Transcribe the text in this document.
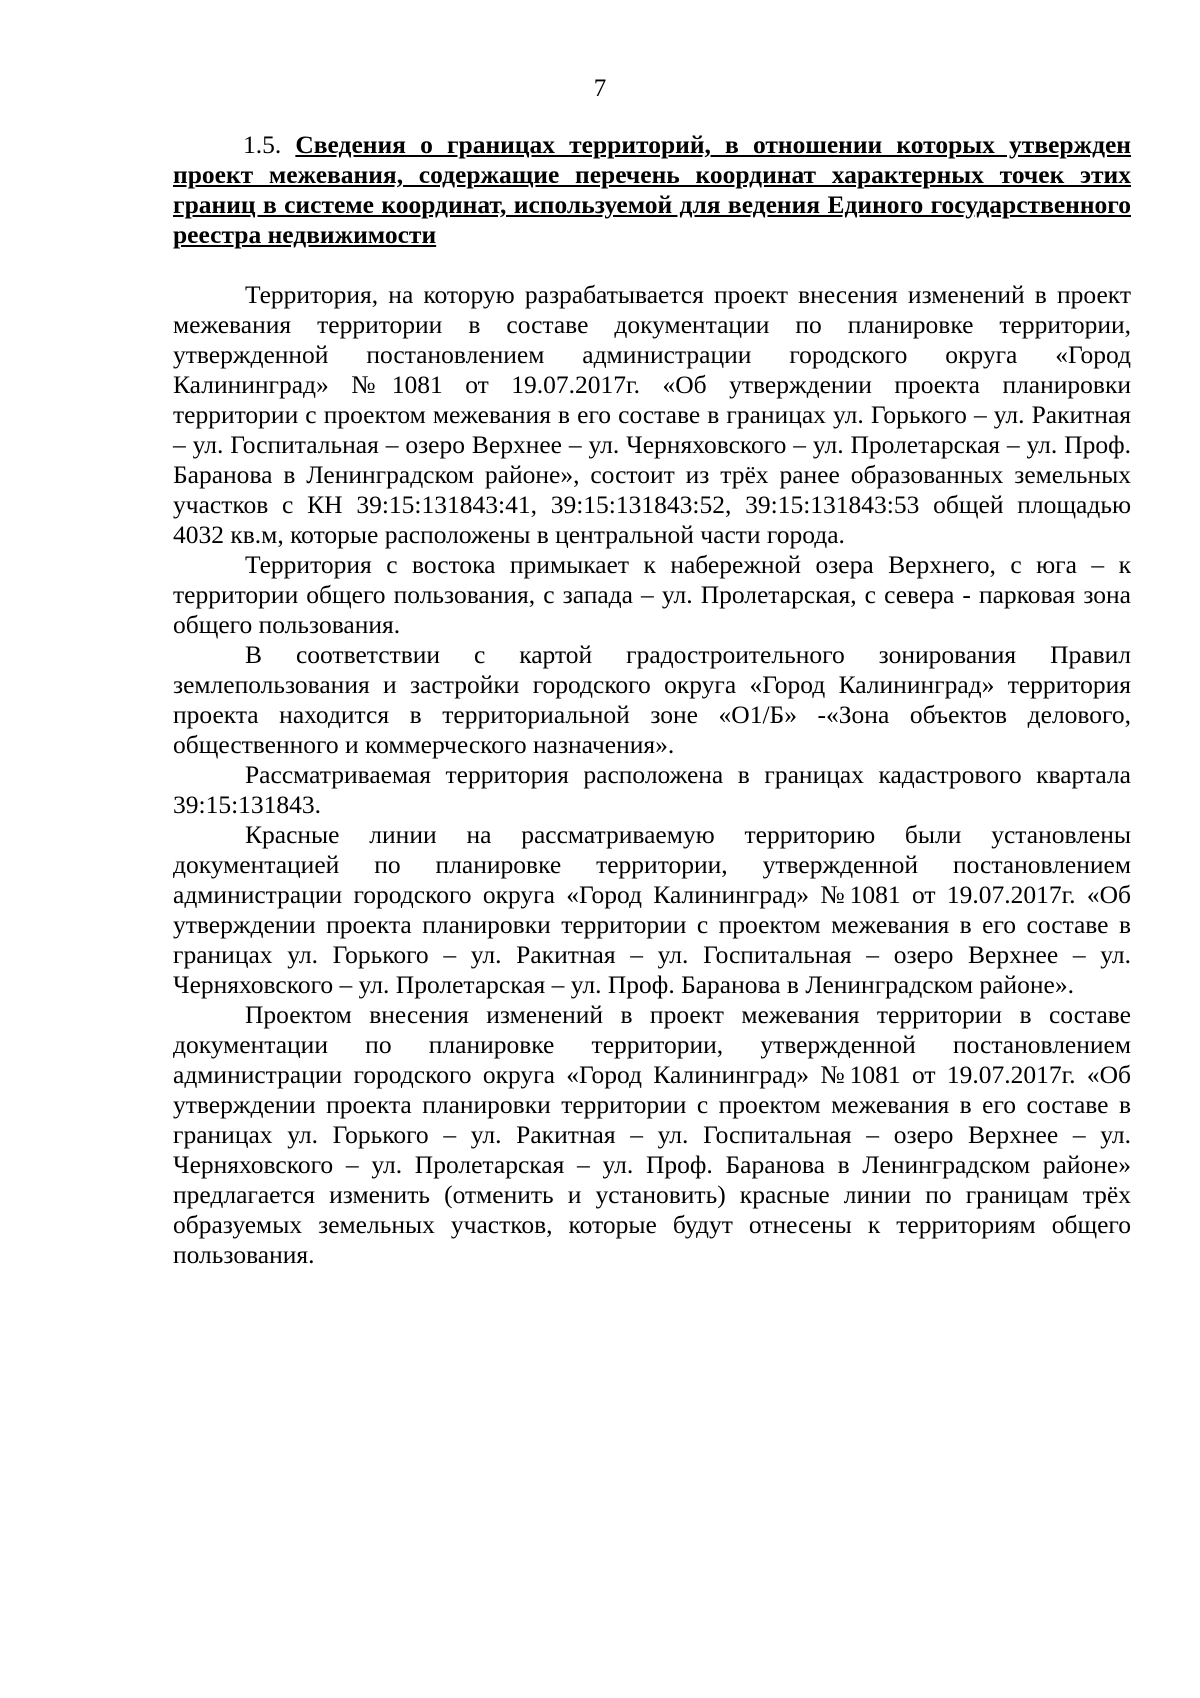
7

1.5. Сведения о границах территорий, в отношении которых утвержден проект межевания, содержащие перечень координат характерных точек этих границ в системе координат, используемой для ведения Единого государственного реестра недвижимости

Территория, на которую разрабатывается проект внесения изменений в проект межевания территории в составе документации по планировке территории, утвержденной постановлением администрации городского округа «Город Калининград» №1081 от 19.07.2017г. «Об утверждении проекта планировки территории с проектом межевания в его составе в границах ул. Горького – ул. Ракитная – ул. Госпитальная – озеро Верхнее – ул. Черняховского – ул. Пролетарская – ул. Проф. Баранова в Ленинградском районе», состоит из трёх ранее образованных земельных участков с КН 39:15:131843:41, 39:15:131843:52, 39:15:131843:53 общей площадью 4032 кв.м, которые расположены в центральной части города.

Территория с востока примыкает к набережной озера Верхнего, с юга – к территории общего пользования, с запада – ул. Пролетарская, с севера - парковая зона общего пользования.

В соответствии с картой градостроительного зонирования Правил землепользования и застройки городского округа «Город Калининград» территория проекта находится в территориальной зоне «О1/Б» -«Зона объектов делового, общественного и коммерческого назначения».

Рассматриваемая территория расположена в границах кадастрового квартала 39:15:131843.

Красные линии на рассматриваемую территорию были установлены документацией по планировке территории, утвержденной постановлением администрации городского округа «Город Калининград» №1081 от 19.07.2017г. «Об утверждении проекта планировки территории с проектом межевания в его составе в границах ул. Горького – ул. Ракитная – ул. Госпитальная – озеро Верхнее – ул. Черняховского – ул. Пролетарская – ул. Проф. Баранова в Ленинградском районе».

Проектом внесения изменений в проект межевания территории в составе документации по планировке территории, утвержденной постановлением администрации городского округа «Город Калининград» №1081 от 19.07.2017г. «Об утверждении проекта планировки территории с проектом межевания в его составе в границах ул. Горького – ул. Ракитная – ул. Госпитальная – озеро Верхнее – ул. Черняховского – ул. Пролетарская – ул. Проф. Баранова в Ленинградском районе» предлагается изменить (отменить и установить) красные линии по границам трёх образуемых земельных участков, которые будут отнесены к территориям общего пользования.
